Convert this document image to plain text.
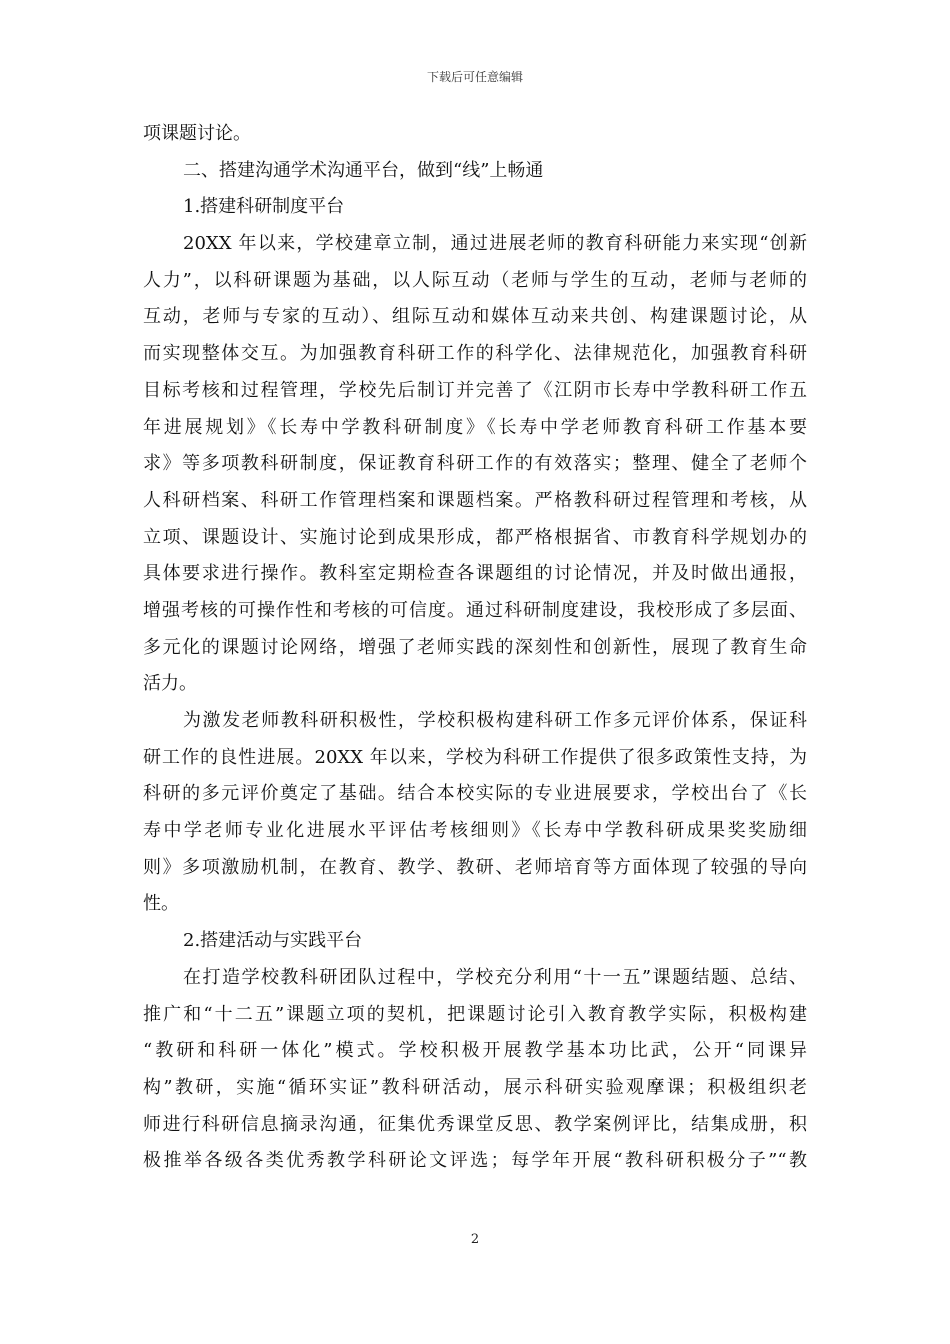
下载后可任意编辑
项课题讨论。
二、搭建沟通学术沟通平台，做到“线”上畅通
1.搭建科研制度平台
20XX 年以来，学校建章立制，通过进展老师的教育科研能力来实现“创新
人力”，以科研课题为基础，以人际互动（老师与学生的互动，老师与老师的
互动，老师与专家的互动）、组际互动和媒体互动来共创、构建课题讨论，从
而实现整体交互。为加强教育科研工作的科学化、法律规范化，加强教育科研
目标考核和过程管理，学校先后制订并完善了《江阴市长寿中学教科研工作五
年进展规划》《长寿中学教科研制度》《长寿中学老师教育科研工作基本要
求》等多项教科研制度，保证教育科研工作的有效落实；整理、健全了老师个
人科研档案、科研工作管理档案和课题档案。严格教科研过程管理和考核，从
立项、课题设计、实施讨论到成果形成，都严格根据省、市教育科学规划办的
具体要求进行操作。教科室定期检查各课题组的讨论情况，并及时做出通报，
增强考核的可操作性和考核的可信度。通过科研制度建设，我校形成了多层面、
多元化的课题讨论网络，增强了老师实践的深刻性和创新性，展现了教育生命
活力。
为激发老师教科研积极性，学校积极构建科研工作多元评价体系，保证科
研工作的良性进展。20XX 年以来，学校为科研工作提供了很多政策性支持，为
科研的多元评价奠定了基础。结合本校实际的专业进展要求，学校出台了《长
寿中学老师专业化进展水平评估考核细则》《长寿中学教科研成果奖奖励细
则》多项激励机制，在教育、教学、教研、老师培育等方面体现了较强的导向
性。
2.搭建活动与实践平台
在打造学校教科研团队过程中，学校充分利用“十一五”课题结题、总结、
推广和“十二五”课题立项的契机，把课题讨论引入教育教学实际，积极构建
“教研和科研一体化”模式。学校积极开展教学基本功比武，公开“同课异
构”教研，实施“循环实证”教科研活动，展示科研实验观摩课；积极组织老
师进行科研信息摘录沟通，征集优秀课堂反思、教学案例评比，结集成册，积
极推举各级各类优秀教学科研论文评选；每学年开展“教科研积极分子”“教
2
